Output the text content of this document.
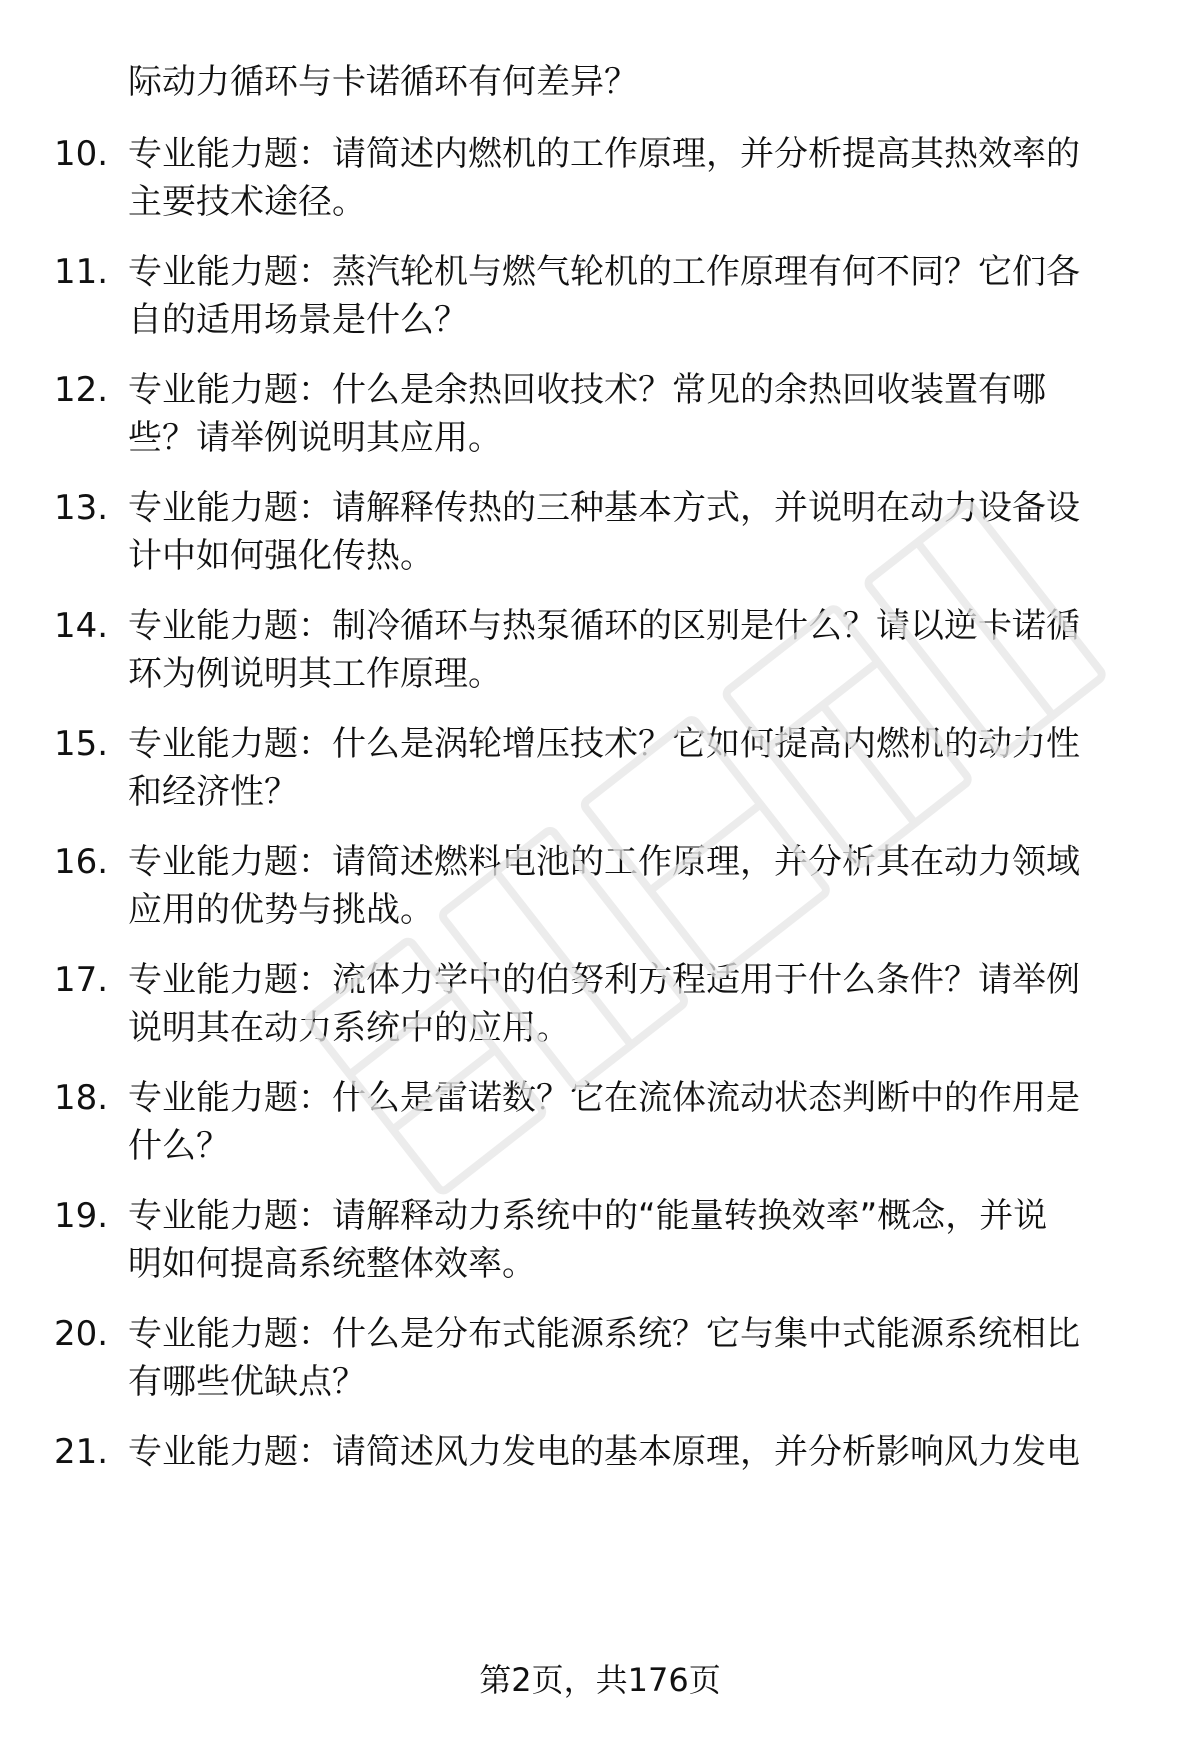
际动力循环与卡诺循环有何差异？
10. 专业能力题：请简述内燃机的工作原理，并分析提高其热效率的
主要技术途径。
11. 专业能力题：蒸汽轮机与燃气轮机的工作原理有何不同？它们各
自的适用场景是什么？
12. 专业能力题：什么是余热回收技术？常见的余热回收装置有哪
些？请举例说明其应用。
13. 专业能力题：请解释传热的三种基本方式，并说明在动力设备设
计中如何强化传热。
14. 专业能力题：制冷循环与热泵循环的区别是什么？请以逆卡诺循
环为例说明其工作原理。
15. 专业能力题：什么是涡轮增压技术？它如何提高内燃机的动力性
和经济性？
16. 专业能力题：请简述燃料电池的工作原理，并分析其在动力领域
应用的优势与挑战。
17. 专业能力题：流体力学中的伯努利方程适用于什么条件？请举例
说明其在动力系统中的应用。
18. 专业能力题：什么是雷诺数？它在流体流动状态判断中的作用是
什么？
19. 专业能力题：请解释动力系统中的“能量转换效率”概念，并说
明如何提高系统整体效率。
20. 专业能力题：什么是分布式能源系统？它与集中式能源系统相比
有哪些优缺点？
21. 专业能力题：请简述风力发电的基本原理，并分析影响风力发电
第2页，共176页
